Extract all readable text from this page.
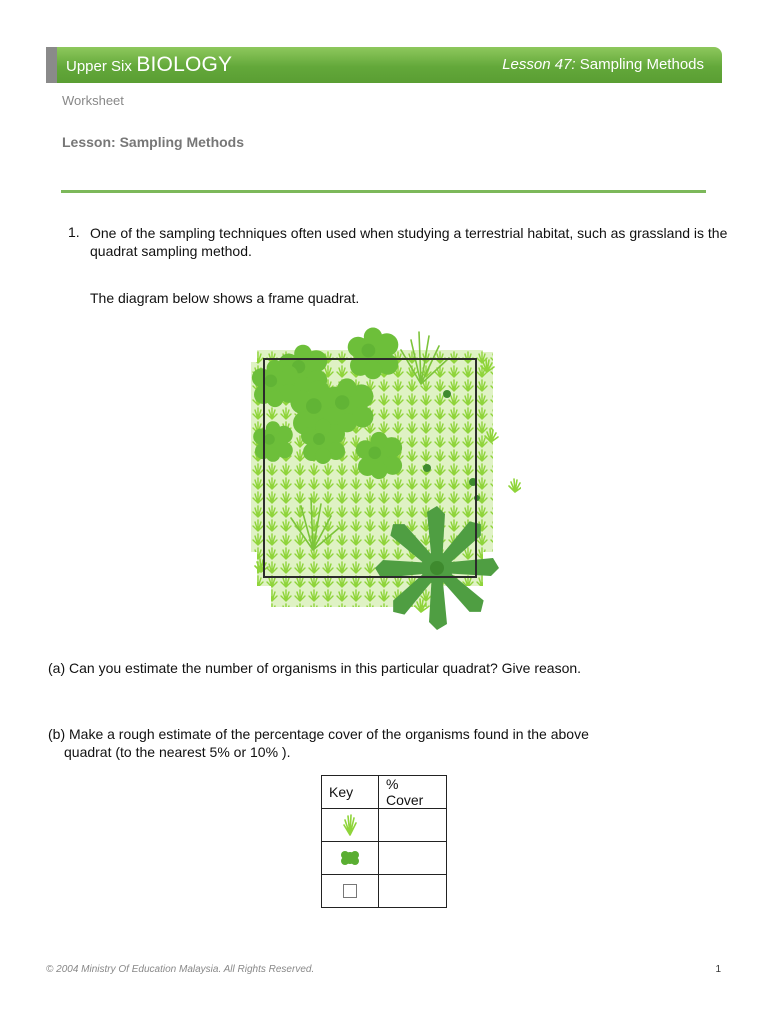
Upper Six BIOLOGY	Lesson 47: Sampling Methods
Worksheet
Lesson: Sampling Methods
1. One of the sampling techniques often used when studying a terrestrial habitat, such as grassland is the quadrat sampling method.
The diagram below shows a frame quadrat.
(a) Can you estimate the number of organisms in this particular quadrat? Give reason.
(b) Make a rough estimate of the percentage cover of the organisms found in the above
quadrat (to the nearest 5% or 10% ).
Key	% Cover

© 2004 Ministry Of Education Malaysia. All Rights Reserved.	1
